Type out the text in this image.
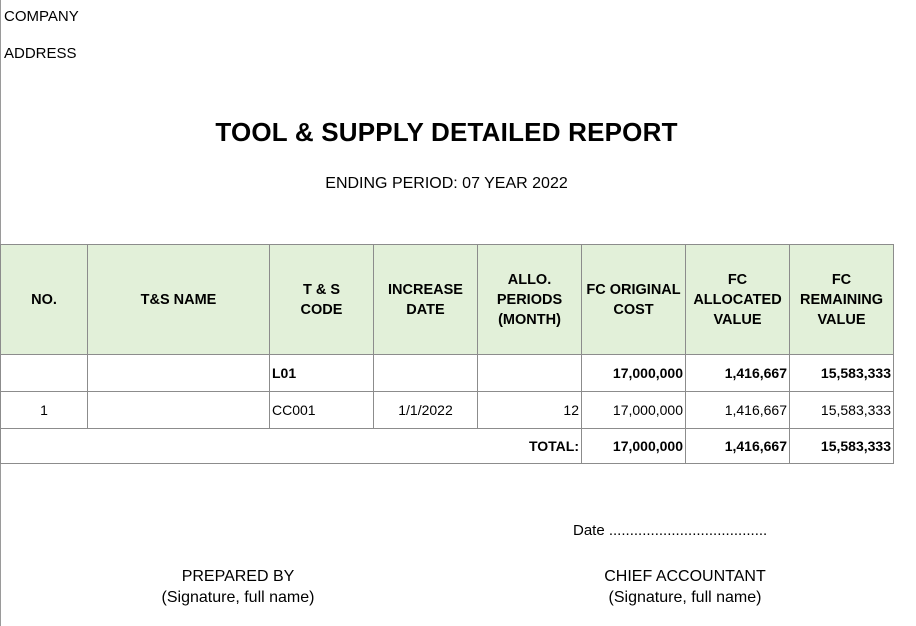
COMPANY
ADDRESS
TOOL & SUPPLY DETAILED REPORT
ENDING PERIOD: 07 YEAR 2022
NO.	T&S NAME	T & S CODE	INCREASE DATE	ALLO. PERIODS (MONTH)	FC ORIGINAL COST	FC ALLOCATED VALUE	FC REMAINING VALUE
		L01			17,000,000	1,416,667	15,583,333
1		CC001	1/1/2022	12	17,000,000	1,416,667	15,583,333
TOTAL:					17,000,000	1,416,667	15,583,333
Date ......................................
PREPARED BY
(Signature, full name)
CHIEF ACCOUNTANT
(Signature, full name)
